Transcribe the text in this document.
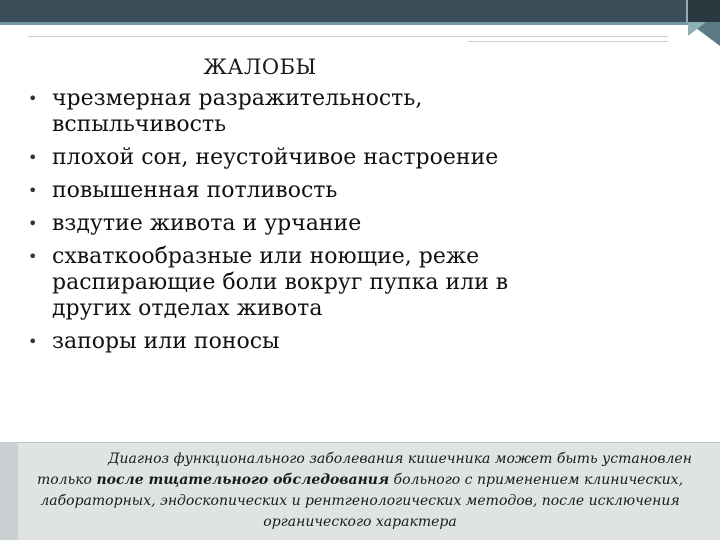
ЖАЛОБЫ
• чрезмерная разражительность, вспыльчивость
• плохой сон, неустойчивое настроение
• повышенная потливость
• вздутие живота и урчание
• схваткообразные или ноющие, реже распирающие боли вокруг пупка или в других отделах живота
• запоры или поносы
Диагноз функционального заболевания кишечника может быть установлен только после тщательного обследования больного с применением клинических, лабораторных, эндоскопических и рентгенологических методов, после исключения органического характера
